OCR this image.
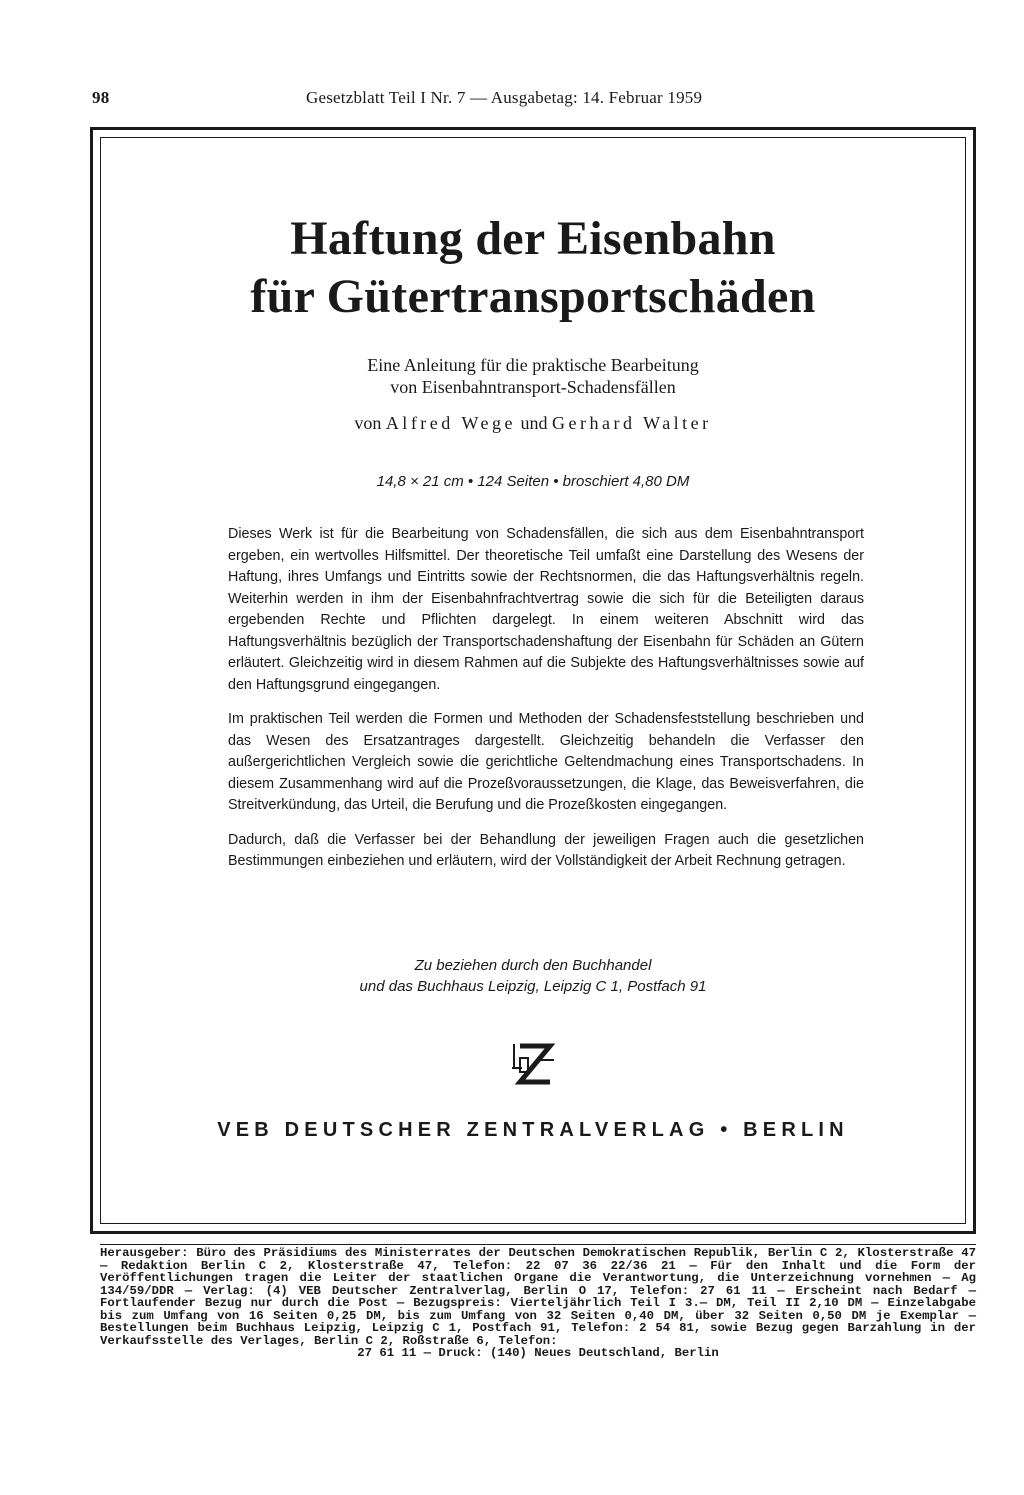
98	Gesetzblatt Teil I Nr. 7 — Ausgabetag: 14. Februar 1959
Haftung der Eisenbahn
für Gütertransportschäden
Eine Anleitung für die praktische Bearbeitung
von Eisenbahntransport-Schadensfällen
von Alfred Wege und Gerhard Walter
14,8 × 21 cm • 124 Seiten • broschiert 4,80 DM

Dieses Werk ist für die Bearbeitung von Schadensfällen, die sich aus dem Eisenbahntransport ergeben, ein wertvolles Hilfsmittel. Der theoretische Teil umfaßt eine Darstellung des Wesens der Haftung, ihres Umfangs und Eintritts sowie der Rechtsnormen, die das Haftungsverhältnis regeln. Weiterhin werden in ihm der Eisenbahnfrachtvertrag sowie die sich für die Beteiligten daraus ergebenden Rechte und Pflichten dargelegt. In einem weiteren Abschnitt wird das Haftungsverhältnis bezüglich der Transportschadenshaftung der Eisenbahn für Schäden an Gütern erläutert. Gleichzeitig wird in diesem Rahmen auf die Subjekte des Haftungsverhältnisses sowie auf den Haftungsgrund eingegangen.

Im praktischen Teil werden die Formen und Methoden der Schadensfeststellung beschrieben und das Wesen des Ersatzantrages dargestellt. Gleichzeitig behandeln die Verfasser den außergerichtlichen Vergleich sowie die gerichtliche Geltendmachung eines Transportschadens. In diesem Zusammenhang wird auf die Prozeßvoraussetzungen, die Klage, das Beweisverfahren, die Streitverkündung, das Urteil, die Berufung und die Prozeßkosten eingegangen.

Dadurch, daß die Verfasser bei der Behandlung der jeweiligen Fragen auch die gesetzlichen Bestimmungen einbeziehen und erläutern, wird der Vollständigkeit der Arbeit Rechnung getragen.

Zu beziehen durch den Buchhandel
und das Buchhaus Leipzig, Leipzig C 1, Postfach 91
VEB DEUTSCHER ZENTRALVERLAG • BERLIN
Herausgeber: Büro des Präsidiums des Ministerrates der Deutschen Demokratischen Republik, Berlin C 2, Klosterstraße 47 — Redaktion Berlin C 2, Klosterstraße 47, Telefon: 22 07 36 22/36 21 — Für den Inhalt und die Form der Veröffentlichungen tragen die Leiter der staatlichen Organe die Verantwortung, die Unterzeichnung vornehmen — Ag 134/59/DDR — Verlag: (4) VEB Deutscher Zentralverlag, Berlin O 17, Telefon: 27 61 11 — Erscheint nach Bedarf — Fortlaufender Bezug nur durch die Post — Bezugspreis: Vierteljährlich Teil I 3.— DM, Teil II 2,10 DM — Einzelabgabe bis zum Umfang von 16 Seiten 0,25 DM, bis zum Umfang von 32 Seiten 0,40 DM, über 32 Seiten 0,50 DM je Exemplar — Bestellungen beim Buchhaus Leipzig, Leipzig C 1, Postfach 91, Telefon: 2 54 81, sowie Bezug gegen Barzahlung in der Verkaufsstelle des Verlages, Berlin C 2, Roßstraße 6, Telefon:
27 61 11 — Druck: (140) Neues Deutschland, Berlin
